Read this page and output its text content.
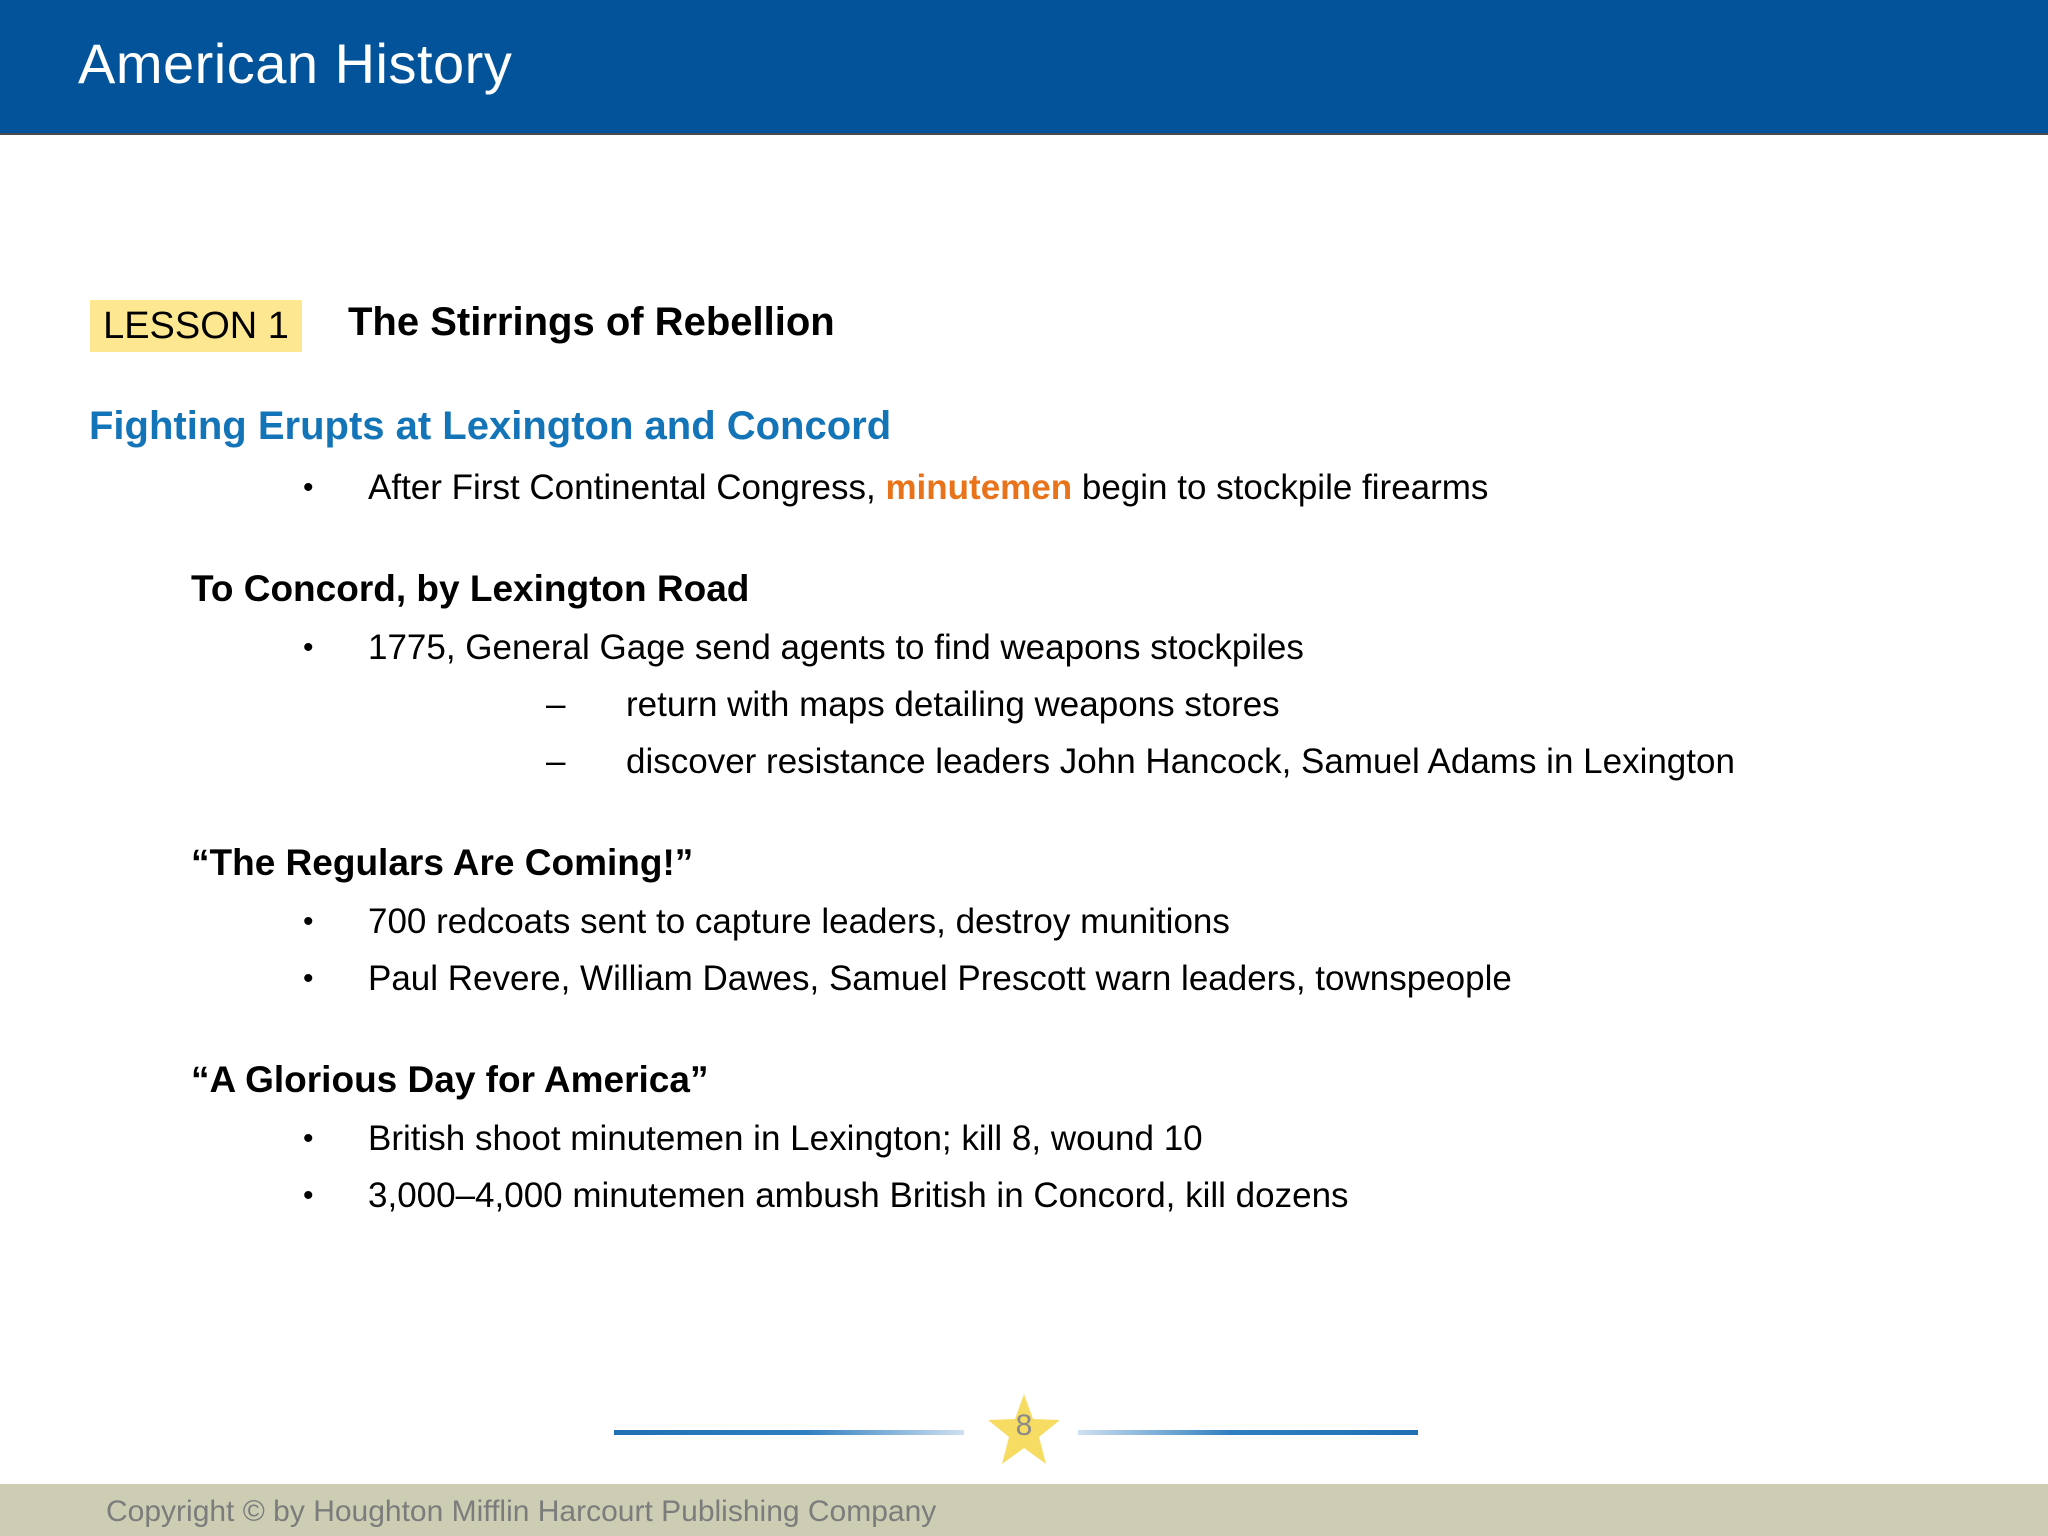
American History
LESSON 1	The Stirrings of Rebellion
Fighting Erupts at Lexington and Concord
• After First Continental Congress, minutemen begin to stockpile firearms
To Concord, by Lexington Road
• 1775, General Gage send agents to find weapons stockpiles
– return with maps detailing weapons stores
– discover resistance leaders John Hancock, Samuel Adams in Lexington
“The Regulars Are Coming!”
• 700 redcoats sent to capture leaders, destroy munitions
• Paul Revere, William Dawes, Samuel Prescott warn leaders, townspeople
“A Glorious Day for America”
• British shoot minutemen in Lexington; kill 8, wound 10
• 3,000–4,000 minutemen ambush British in Concord, kill dozens
8
Copyright © by Houghton Mifflin Harcourt Publishing Company
